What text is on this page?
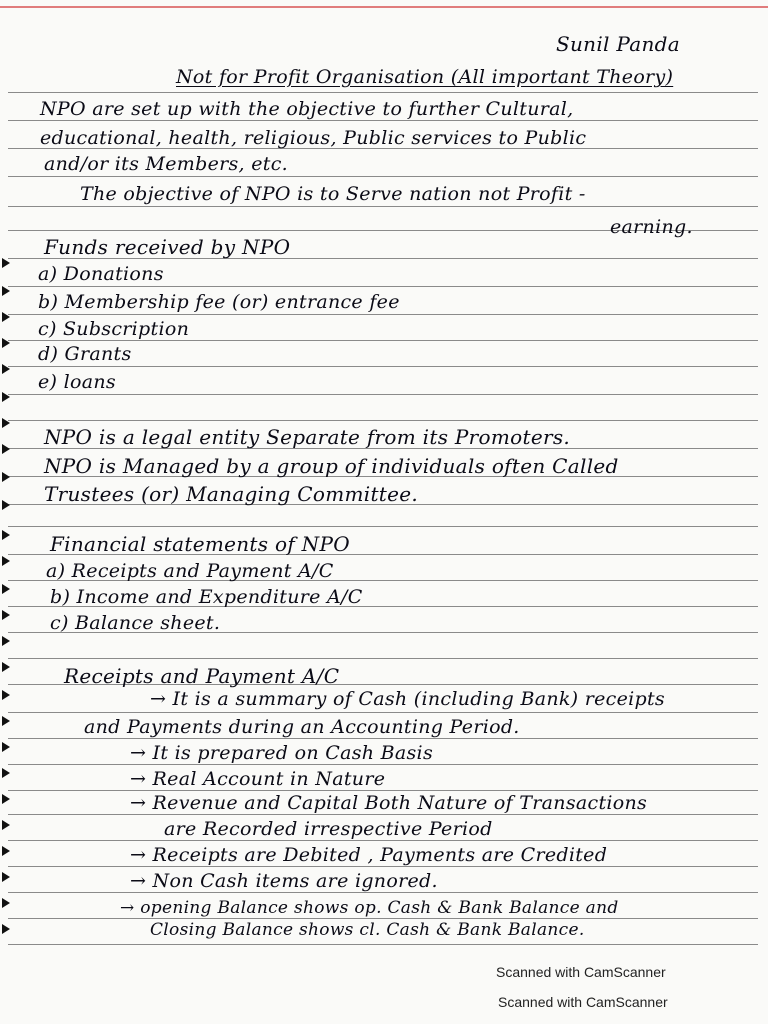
Sunil Panda
Not for Profit Organisation (All important Theory)
NPO are set up with the objective to further Cultural,
educational, health, religious, Public services to Public
and/or its Members, etc.
The objective of NPO is to Serve nation not Profit -
earning.
Funds received by NPO
a) Donations
b) Membership fee (or) entrance fee
c) Subscription
d) Grants
e) loans
NPO is a legal entity Separate from its Promoters.
NPO is Managed by a group of individuals often Called
Trustees (or) Managing Committee.
Financial statements of NPO
a) Receipts and Payment A/C
b) Income and Expenditure A/C
c) Balance sheet.
Receipts and Payment A/C
→ It is a summary of Cash (including Bank) receipts
and Payments during an Accounting Period.
→ It is prepared on Cash Basis
→ Real Account in Nature
→ Revenue and Capital Both Nature of Transactions
are Recorded irrespective Period
→ Receipts are Debited , Payments are Credited
→ Non Cash items are ignored.
→ opening Balance shows op. Cash & Bank Balance and
Closing Balance shows cl. Cash & Bank Balance.
Scanned with CamScanner
Scanned with CamScanner
